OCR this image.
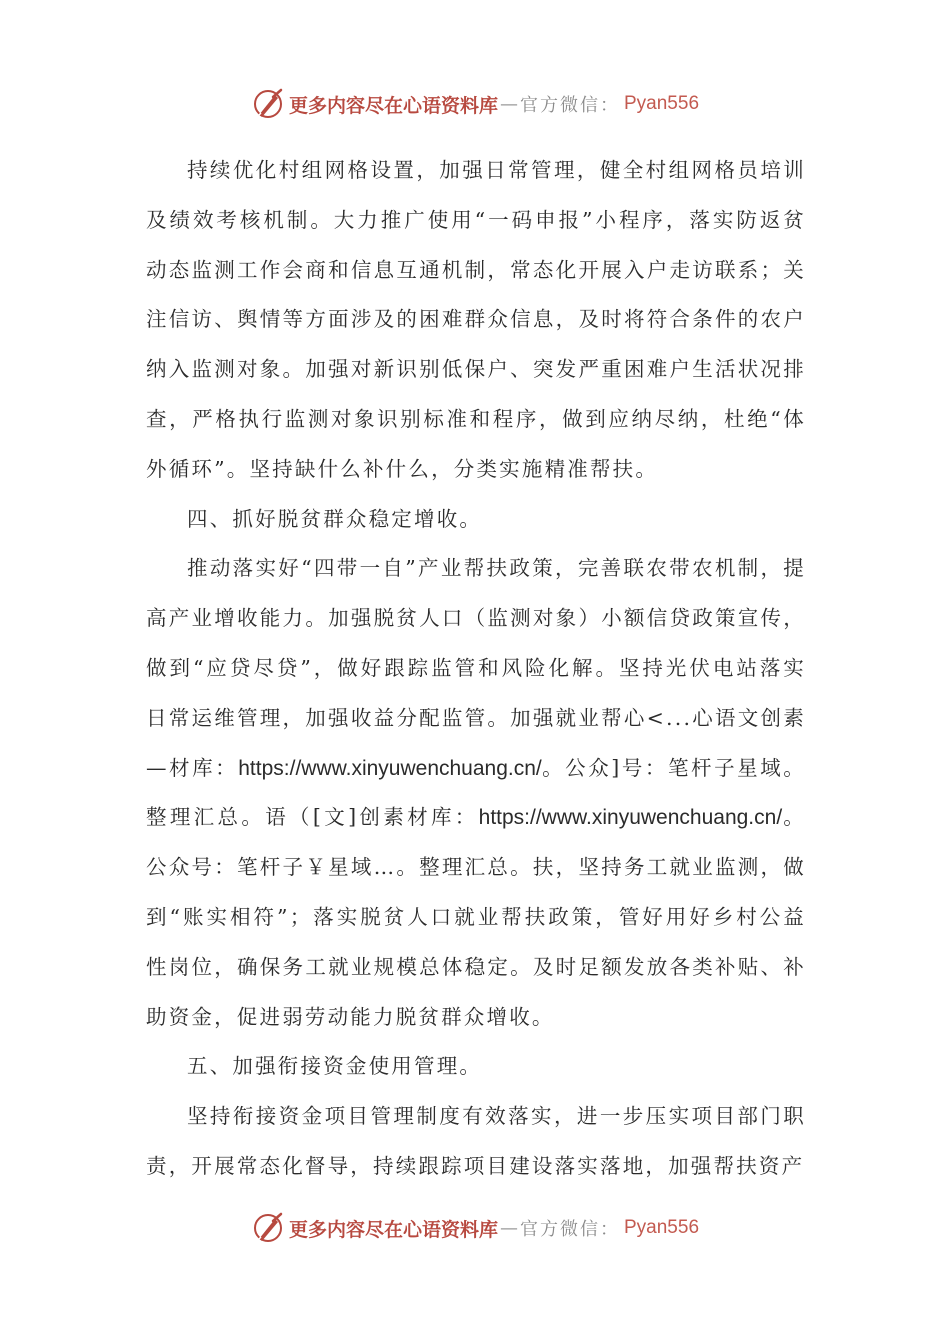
更多内容尽在心语资料库 — 官方微信： Pyan556

持续优化村组网格设置，加强日常管理，健全村组网格员培训及绩效考核机制。大力推广使用“一码申报”小程序，落实防返贫动态监测工作会商和信息互通机制，常态化开展入户走访联系；关注信访、舆情等方面涉及的困难群众信息，及时将符合条件的农户纳入监测对象。加强对新识别低保户、突发严重困难户生活状况排查，严格执行监测对象识别标准和程序，做到应纳尽纳，杜绝“体外循环”。坚持缺什么补什么，分类实施精准帮扶。

四、抓好脱贫群众稳定增收。

推动落实好“四带一自”产业帮扶政策，完善联农带农机制，提高产业增收能力。加强脱贫人口（监测对象）小额信贷政策宣传，做到“应贷尽贷”，做好跟踪监管和风险化解。坚持光伏电站落实日常运维管理，加强收益分配监管。加强就业帮心<...心语文创素—材库：https://www.xinyuwenchuang.cn/。公众]号：笔杆子星域。整理汇总。语（[文]创素材库：https://www.xinyuwenchuang.cn/。公众号：笔杆子￥星域…。整理汇总。扶，坚持务工就业监测，做到“账实相符”；落实脱贫人口就业帮扶政策，管好用好乡村公益性岗位，确保务工就业规模总体稳定。及时足额发放各类补贴、补助资金，促进弱劳动能力脱贫群众增收。

五、加强衔接资金使用管理。

坚持衔接资金项目管理制度有效落实，进一步压实项目部门职责，开展常态化督导，持续跟踪项目建设落实落地，加强帮扶资产

更多内容尽在心语资料库 — 官方微信： Pyan556
